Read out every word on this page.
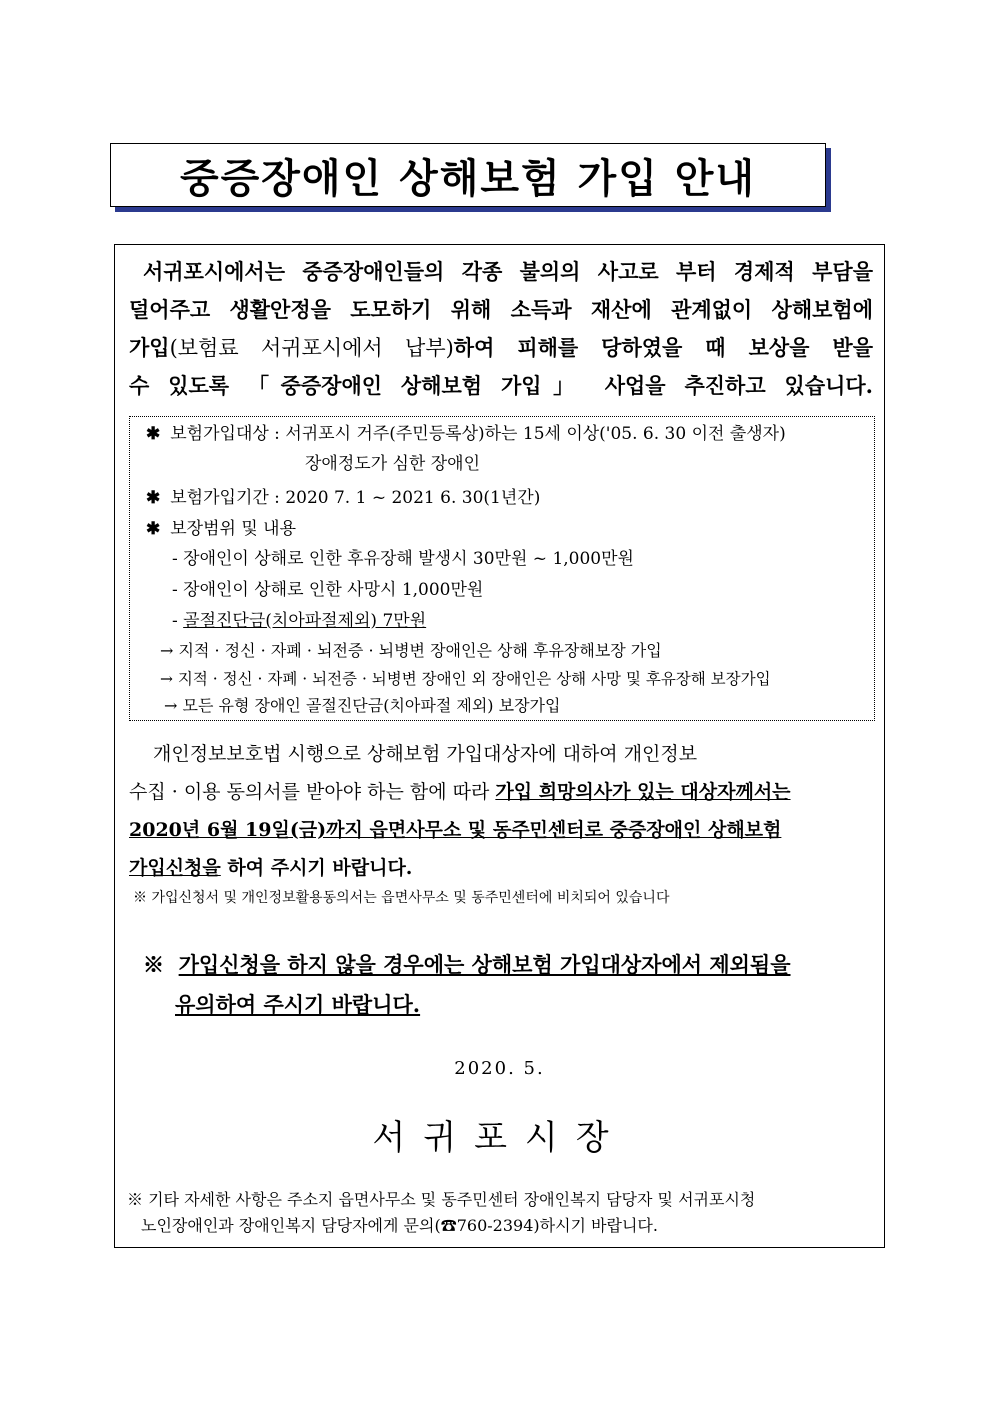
중증장애인 상해보험 가입 안내
서귀포시에서는 중증장애인들의 각종 불의의 사고로 부터 경제적 부담을
덜어주고 생활안정을 도모하기 위해 소득과 재산에 관계없이 상해보험에
가입(보험료 서귀포시에서 납부)하여 피해를 당하였을 때 보상을 받을
수 있도록 「중증장애인 상해보험 가입」 사업을 추진하고 있습니다.
✱ 보험가입대상 : 서귀포시 거주(주민등록상)하는 15세 이상('05. 6. 30 이전 출생자)
장애정도가 심한 장애인
✱ 보험가입기간 : 2020 7. 1 ~ 2021 6. 30(1년간)
✱ 보장범위 및 내용
- 장애인이 상해로 인한 후유장해 발생시 30만원 ~ 1,000만원
- 장애인이 상해로 인한 사망시 1,000만원
- 골절진단금(치아파절제외) 7만원
→ 지적 · 정신 · 자폐 · 뇌전증 · 뇌병변 장애인은 상해 후유장해보장 가입
→ 지적 · 정신 · 자폐 · 뇌전증 · 뇌병변 장애인 외 장애인은 상해 사망 및 후유장해 보장가입
→ 모든 유형 장애인 골절진단금(치아파절 제외) 보장가입
개인정보보호법 시행으로 상해보험 가입대상자에 대하여 개인정보
수집 · 이용 동의서를 받아야 하는 함에 따라 가입 희망의사가 있는 대상자께서는
2020년 6월 19일(금)까지 읍면사무소 및 동주민센터로 중증장애인 상해보험
가입신청을 하여 주시기 바랍니다.
※ 가입신청서 및 개인정보활용동의서는 읍면사무소 및 동주민센터에 비치되어 있습니다
※ 가입신청을 하지 않을 경우에는 상해보험 가입대상자에서 제외됨을
유의하여 주시기 바랍니다.
2020. 5.
서귀포시장
※ 기타 자세한 사항은 주소지 읍면사무소 및 동주민센터 장애인복지 담당자 및 서귀포시청
노인장애인과 장애인복지 담당자에게 문의(☎760-2394)하시기 바랍니다.
